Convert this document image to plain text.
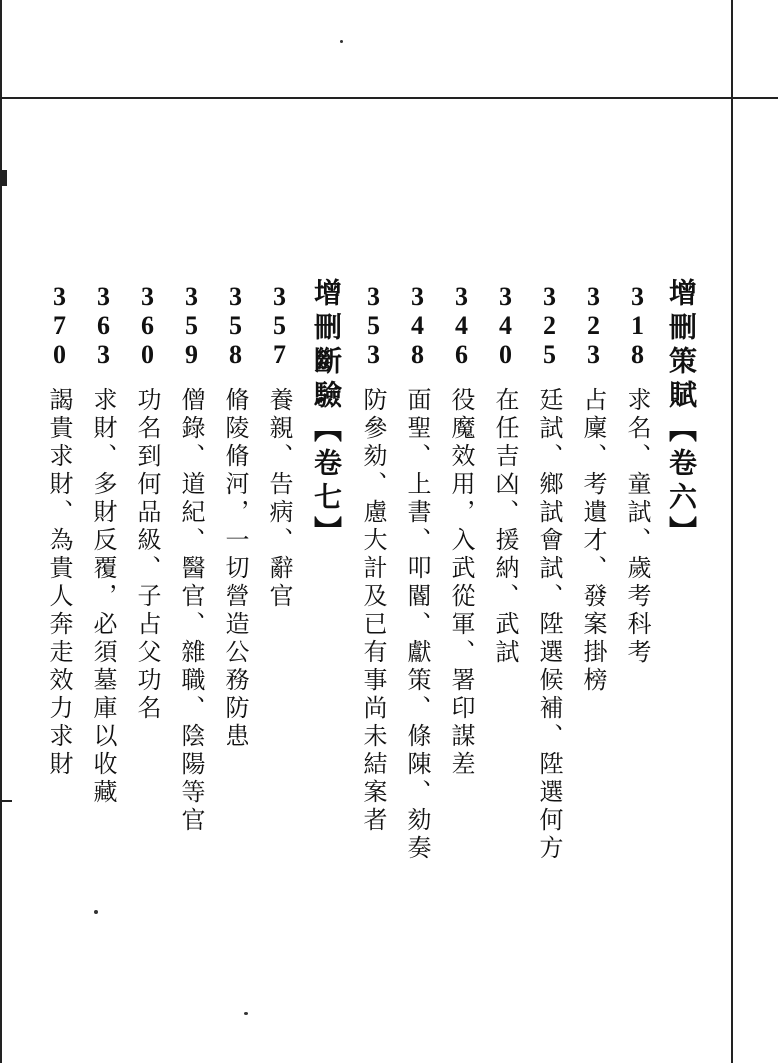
增刪策賦【卷六】
318
求名、童試、歲考科考
323
占廩、考遺才、發案掛榜
325
廷試、鄉試會試、陞選候補、陞選何方
340
在任吉凶、援納、武試
346
役魔效用，入武從軍、署印謀差
348
面聖、上書、叩閽、獻策、條陳、劾奏
353
防參劾、慮大計及已有事尚未結案者
增刪斷驗【卷七】
357
養親、告病、辭官
358
脩陵脩河，一切營造公務防患
359
僧錄、道紀、醫官、雜職、陰陽等官
360
功名到何品級、子占父功名
363
求財、多財反覆，必須墓庫以收藏
370
謁貴求財、為貴人奔走效力求財
